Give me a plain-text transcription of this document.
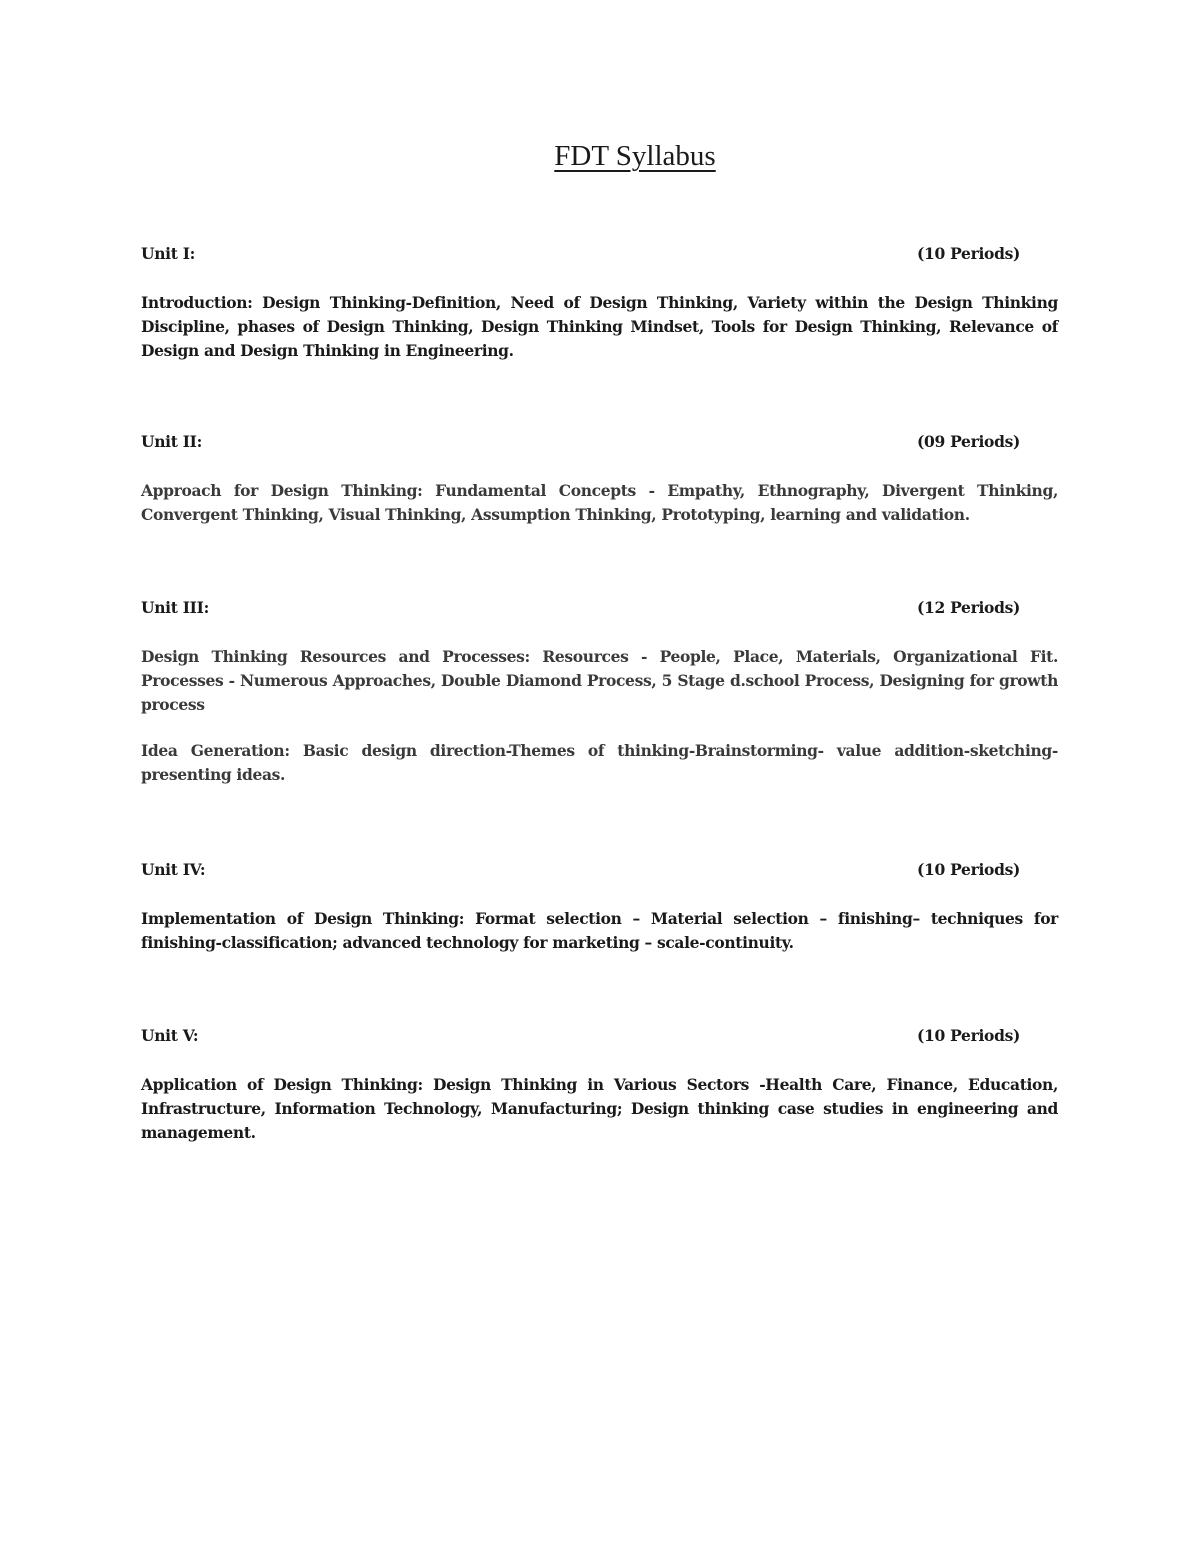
FDT Syllabus
Unit I:	(10 Periods)

Introduction: Design Thinking-Definition, Need of Design Thinking, Variety within the Design Thinking Discipline, phases of Design Thinking, Design Thinking Mindset, Tools for Design Thinking, Relevance of Design and Design Thinking in Engineering.

Unit II:	(09 Periods)

Approach for Design Thinking: Fundamental Concepts - Empathy, Ethnography, Divergent Thinking, Convergent Thinking, Visual Thinking, Assumption Thinking, Prototyping, learning and validation.

Unit III:	(12 Periods)

Design Thinking Resources and Processes: Resources - People, Place, Materials, Organizational Fit. Processes - Numerous Approaches, Double Diamond Process, 5 Stage d.school Process, Designing for growth process

Idea Generation: Basic design direction-Themes of thinking-Brainstorming- value addition-sketching-presenting ideas.

Unit IV:	(10 Periods)

Implementation of Design Thinking: Format selection – Material selection – finishing– techniques for finishing-classification; advanced technology for marketing – scale-continuity.

Unit V:	(10 Periods)

Application of Design Thinking: Design Thinking in Various Sectors -Health Care, Finance, Education, Infrastructure, Information Technology, Manufacturing; Design thinking case studies in engineering and management.
